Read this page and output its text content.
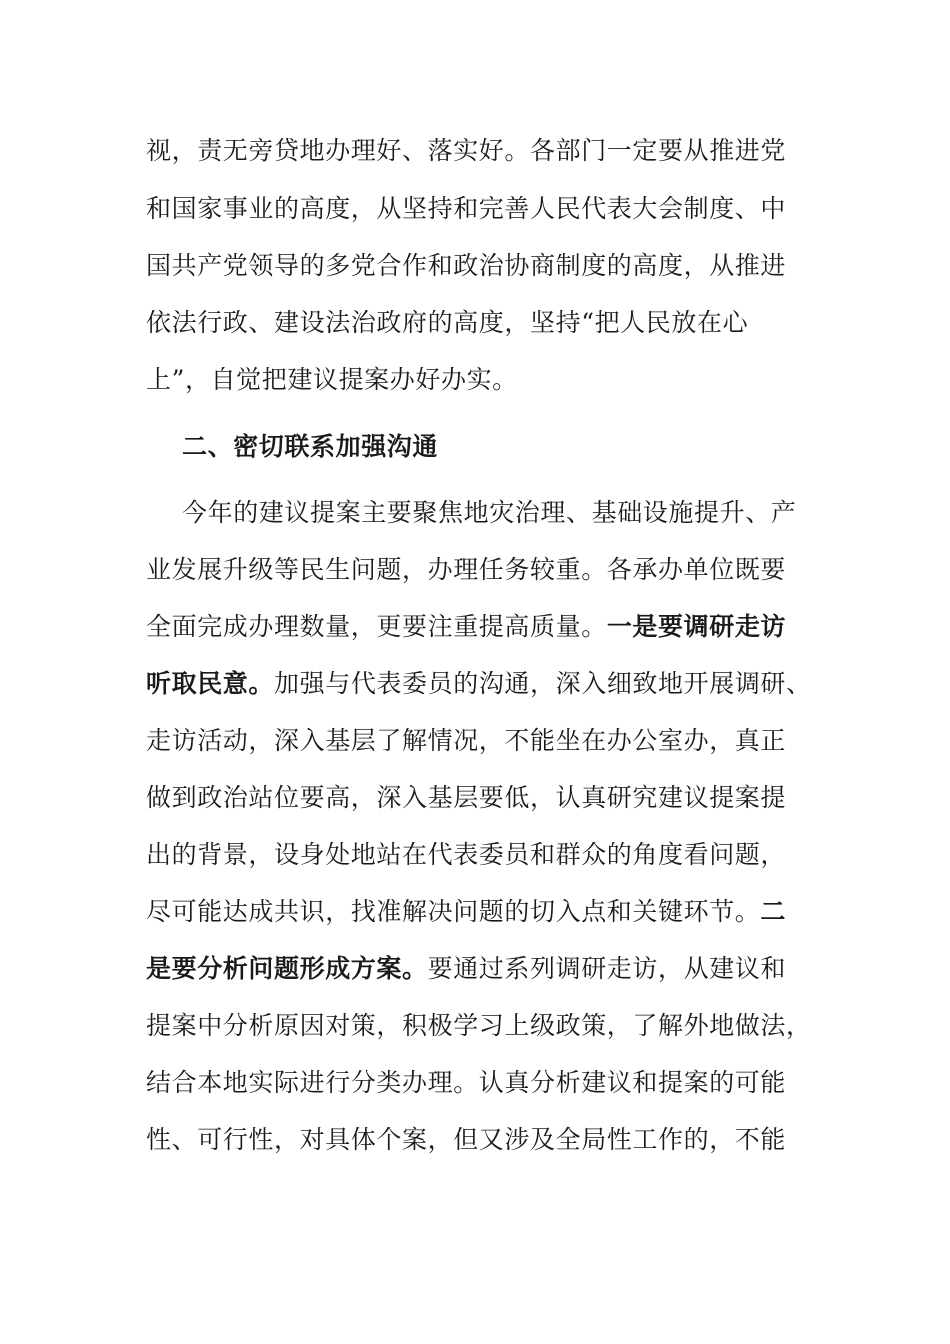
视，责无旁贷地办理好、落实好。各部门一定要从推进党
和国家事业的高度，从坚持和完善人民代表大会制度、中
国共产党领导的多党合作和政治协商制度的高度，从推进
依法行政、建设法治政府的高度，坚持“把人民放在心
上”，自觉把建议提案办好办实。
二、密切联系加强沟通
今年的建议提案主要聚焦地灾治理、基础设施提升、产
业发展升级等民生问题，办理任务较重。各承办单位既要
全面完成办理数量，更要注重提高质量。一是要调研走访
听取民意。加强与代表委员的沟通，深入细致地开展调研、
走访活动，深入基层了解情况，不能坐在办公室办，真正
做到政治站位要高，深入基层要低，认真研究建议提案提
出的背景，设身处地站在代表委员和群众的角度看问题，
尽可能达成共识，找准解决问题的切入点和关键环节。二
是要分析问题形成方案。要通过系列调研走访，从建议和
提案中分析原因对策，积极学习上级政策，了解外地做法，
结合本地实际进行分类办理。认真分析建议和提案的可能
性、可行性，对具体个案，但又涉及全局性工作的，不能
